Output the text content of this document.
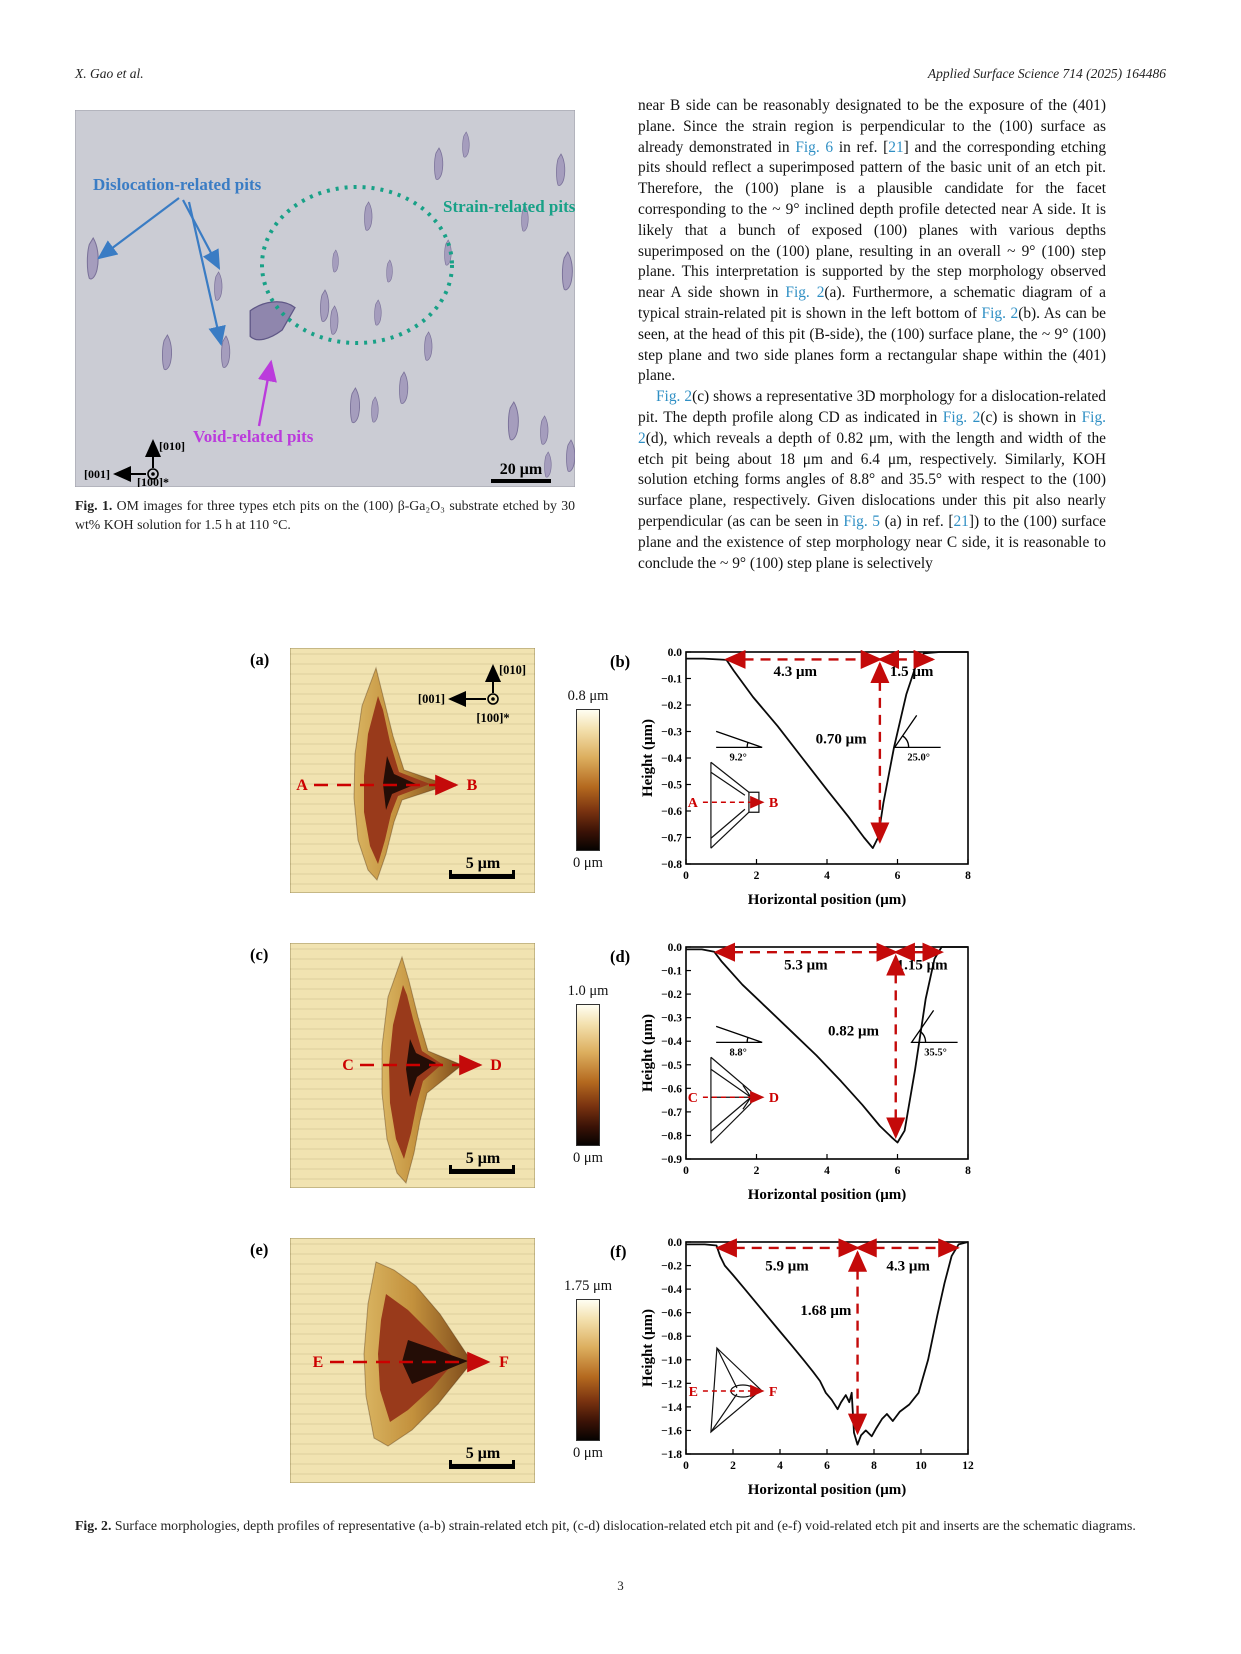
X. Gao et al.	Applied Surface Science 714 (2025) 164486
Dislocation-related pits
Strain-related pits
Void-related pits
[010]
[001]
[100]*
20 μm

Fig. 1. OM images for three types etch pits on the (100) β-Ga₂O₃ substrate etched by 30 wt% KOH solution for 1.5 h at 110 °C.

near B side can be reasonably designated to be the exposure of the (401) plane. Since the strain region is perpendicular to the (100) surface as already demonstrated in Fig. 6 in ref. [21] and the corresponding etching pits should reflect a superimposed pattern of the basic unit of an etch pit. Therefore, the (100) plane is a plausible candidate for the facet corresponding to the ~ 9° inclined depth profile detected near A side. It is likely that a bunch of exposed (100) planes with various depths superimposed on the (100) plane, resulting in an overall ~ 9° (100) step plane. This interpretation is supported by the step morphology observed near A side shown in Fig. 2(a). Furthermore, a schematic diagram of a typical strain-related pit is shown in the left bottom of Fig. 2(b). As can be seen, at the head of this pit (B-side), the (100) surface plane, the ~ 9° (100) step plane and two side planes form a rectangular shape within the (401) plane.

Fig. 2(c) shows a representative 3D morphology for a dislocation-related pit. The depth profile along CD as indicated in Fig. 2(c) is shown in Fig. 2(d), which reveals a depth of 0.82 μm, with the length and width of the etch pit being about 18 μm and 6.4 μm, respectively. Similarly, KOH solution etching forms angles of 8.8° and 35.5° with respect to the (100) surface plane, respectively. Given dislocations under this pit also nearly perpendicular (as can be seen in Fig. 5 (a) in ref. [21]) to the (100) surface plane and the existence of step morphology near C side, it is reasonable to conclude the ~ 9° (100) step plane is selectively

(a)	(b)
(c)	(d)
(e)	(f)
A	B
[010]
[001]
[100]*
5 μm
C	D
5 μm
E	F
5 μm
0.8 μm
0 μm
1.0 μm
0 μm
1.75 μm
0 μm
0	2	4	6	8
0.0
−0.1
−0.2
−0.3
−0.4
−0.5
−0.6
−0.7
−0.8
4.3 μm	1.5 μm
0.70 μm
9.2°	25.0°
A	B
Horizontal position (μm)
Height (μm)
0	2	4	6	8
0.0
−0.1
−0.2
−0.3
−0.4
−0.5
−0.6
−0.7
−0.8
−0.9
5.3 μm	1.15 μm
0.82 μm
8.8°	35.5°
C	D
Horizontal position (μm)
Height (μm)
0	2	4	6	8	10	12
0.0
−0.2
−0.4
−0.6
−0.8
−1.0
−1.2
−1.4
−1.6
−1.8
5.9 μm	4.3 μm
1.68 μm
E	F
Horizontal position (μm)
Height (μm)

Fig. 2. Surface morphologies, depth profiles of representative (a-b) strain-related etch pit, (c-d) dislocation-related etch pit and (e-f) void-related etch pit and inserts are the schematic diagrams.

3
